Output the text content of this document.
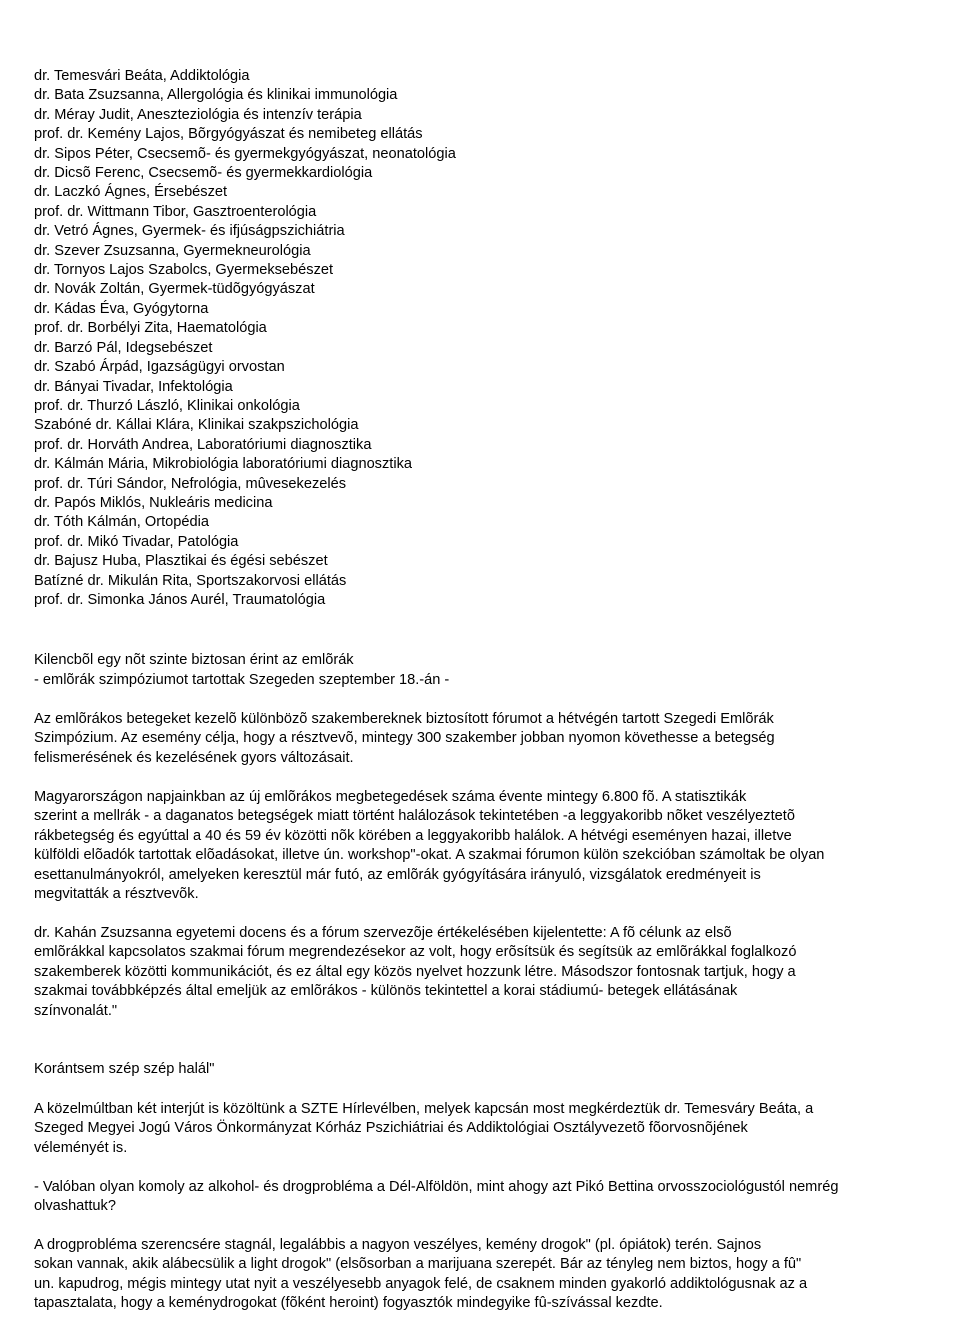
dr. Temesvári Beáta, Addiktológia
dr. Bata Zsuzsanna, Allergológia és klinikai immunológia
dr. Méray Judit, Aneszteziológia és intenzív terápia
prof. dr. Kemény Lajos, Bõrgyógyászat és nemibeteg ellátás
dr. Sipos Péter, Csecsemõ- és gyermekgyógyászat, neonatológia
dr. Dicsõ Ferenc, Csecsemõ- és gyermekkardiológia
dr. Laczkó Ágnes, Érsebészet
prof. dr. Wittmann Tibor, Gasztroenterológia
dr. Vetró Ágnes, Gyermek- és ifjúságpszichiátria
dr. Szever Zsuzsanna, Gyermekneurológia
dr. Tornyos Lajos Szabolcs, Gyermeksebészet
dr. Novák Zoltán, Gyermek-tüdõgyógyászat
dr. Kádas Éva, Gyógytorna
prof. dr. Borbélyi Zita, Haematológia
dr. Barzó Pál, Idegsebészet
dr. Szabó Árpád, Igazságügyi orvostan
dr. Bányai Tivadar, Infektológia
prof. dr. Thurzó László, Klinikai onkológia
Szabóné dr. Kállai Klára, Klinikai szakpszichológia
prof. dr. Horváth Andrea, Laboratóriumi diagnosztika
dr. Kálmán Mária, Mikrobiológia laboratóriumi diagnosztika
prof. dr. Túri Sándor, Nefrológia, mûvesekezelés
dr. Papós Miklós, Nukleáris medicina
dr. Tóth Kálmán, Ortopédia
prof. dr. Mikó Tivadar, Patológia
dr. Bajusz Huba, Plasztikai és égési sebészet
Batízné dr. Mikulán Rita, Sportszakorvosi ellátás
prof. dr. Simonka János Aurél, Traumatológia

Kilencbõl egy nõt szinte biztosan érint az emlõrák

- emlõrák szimpóziumot tartottak Szegeden szeptember 18.-án -

Az emlõrákos betegeket kezelõ különbözõ szakembereknek biztosított fórumot a hétvégén tartott Szegedi Emlõrák
Szimpózium. Az esemény célja, hogy a résztvevõ, mintegy 300 szakember jobban nyomon követhesse a betegség
felismerésének és kezelésének gyors változásait.
Magyarországon napjainkban az új emlõrákos megbetegedések száma évente mintegy 6.800 fõ. A statisztikák
szerint a mellrák - a daganatos betegségek miatt történt halálozások tekintetében -a leggyakoribb nõket veszélyeztetõ
rákbetegség és egyúttal a 40 és 59 év közötti nõk körében a leggyakoribb halálok. A hétvégi eseményen hazai, illetve
külföldi elõadók tartottak elõadásokat, illetve ún. workshop"-okat. A szakmai fórumon külön szekcióban számoltak be olyan
esettanulmányokról, amelyeken keresztül már futó, az emlõrák gyógyítására irányuló, vizsgálatok eredményeit is
megvitatták a résztvevõk.
dr. Kahán Zsuzsanna egyetemi docens és a fórum szervezõje értékelésében kijelentette: A fõ célunk az elsõ
emlõrákkal kapcsolatos szakmai fórum megrendezésekor az volt, hogy erõsítsük és segítsük az emlõrákkal foglalkozó
szakemberek közötti kommunikációt, és ez által egy közös nyelvet hozzunk létre. Másodszor fontosnak tartjuk, hogy a
szakmai továbbképzés által emeljük az emlõrákos - különös tekintettel a korai stádiumú- betegek ellátásának
színvonalát."

Korántsem szép szép halál"

A közelmúltban két interjút is közöltünk a SZTE Hírlevélben, melyek kapcsán most megkérdeztük dr. Temesváry Beáta, a
Szeged Megyei Jogú Város Önkormányzat Kórház Pszichiátriai és Addiktológiai Osztályvezetõ fõorvosnõjének
véleményét is.
- Valóban olyan komoly az alkohol- és drogprobléma a Dél-Alföldön, mint ahogy azt Pikó Bettina orvosszociológustól nemrég
olvashattuk?
A drogprobléma szerencsére stagnál, legalábbis a nagyon veszélyes, kemény drogok" (pl. ópiátok) terén. Sajnos
sokan vannak, akik alábecsülik a light drogok" (elsõsorban a marijuana szerepét. Bár az tényleg nem biztos, hogy a fû"
un. kapudrog, mégis mintegy utat nyit a veszélyesebb anyagok felé, de csaknem minden gyakorló addiktológusnak az a
tapasztalata, hogy a keménydrogokat (fõként heroint) fogyasztók mindegyike fû-szívással kezdte.
